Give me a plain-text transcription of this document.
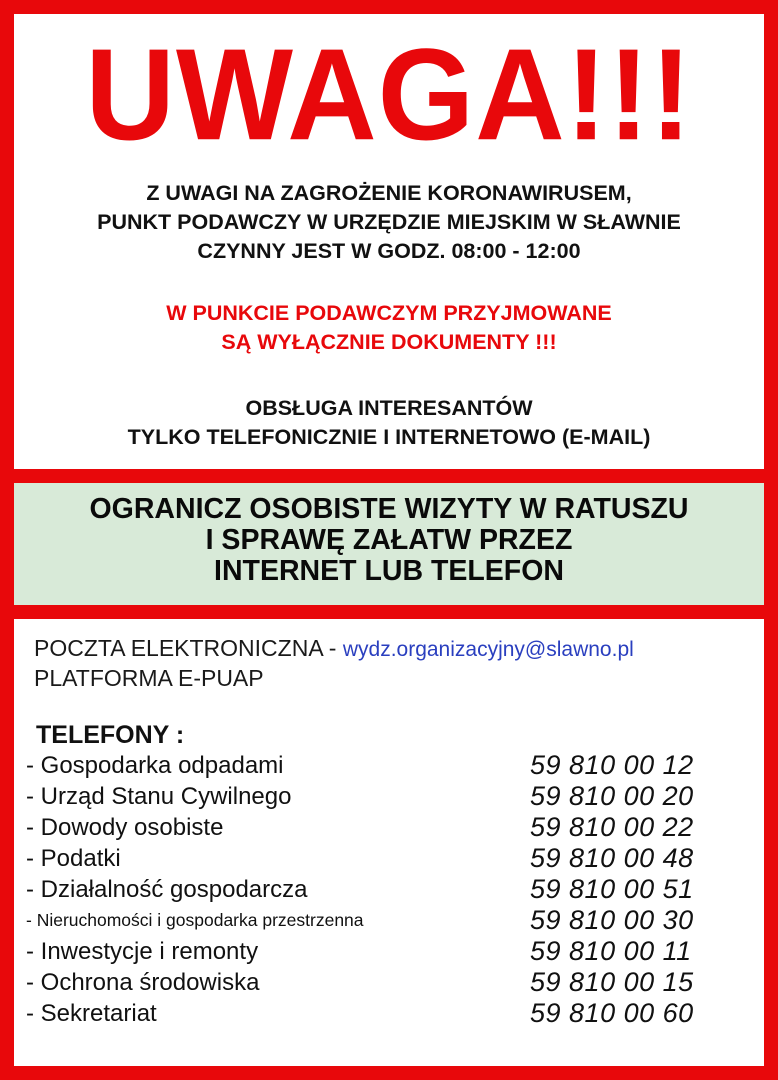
UWAGA!!!
Z UWAGI NA ZAGROŻENIE KORONAWIRUSEM,
PUNKT PODAWCZY W URZĘDZIE MIEJSKIM W SŁAWNIE
CZYNNY JEST W GODZ. 08:00 - 12:00
W PUNKCIE PODAWCZYM PRZYJMOWANE
SĄ WYŁĄCZNIE DOKUMENTY !!!
OBSŁUGA INTERESANTÓW
TYLKO TELEFONICZNIE I INTERNETOWO (E-MAIL)
OGRANICZ OSOBISTE WIZYTY W RATUSZU
I SPRAWĘ ZAŁATW PRZEZ
INTERNET LUB TELEFON
POCZTA ELEKTRONICZNA - wydz.organizacyjny@slawno.pl
PLATFORMA E-PUAP
TELEFONY :
- Gospodarka odpadami	59 810 00 12
- Urząd Stanu Cywilnego	59 810 00 20
- Dowody osobiste	59 810 00 22
- Podatki	59 810 00 48
- Działalność gospodarcza	59 810 00 51
- Nieruchomości i gospodarka przestrzenna	59 810 00 30
- Inwestycje i remonty	59 810 00 11
- Ochrona środowiska	59 810 00 15
- Sekretariat	59 810 00 60
